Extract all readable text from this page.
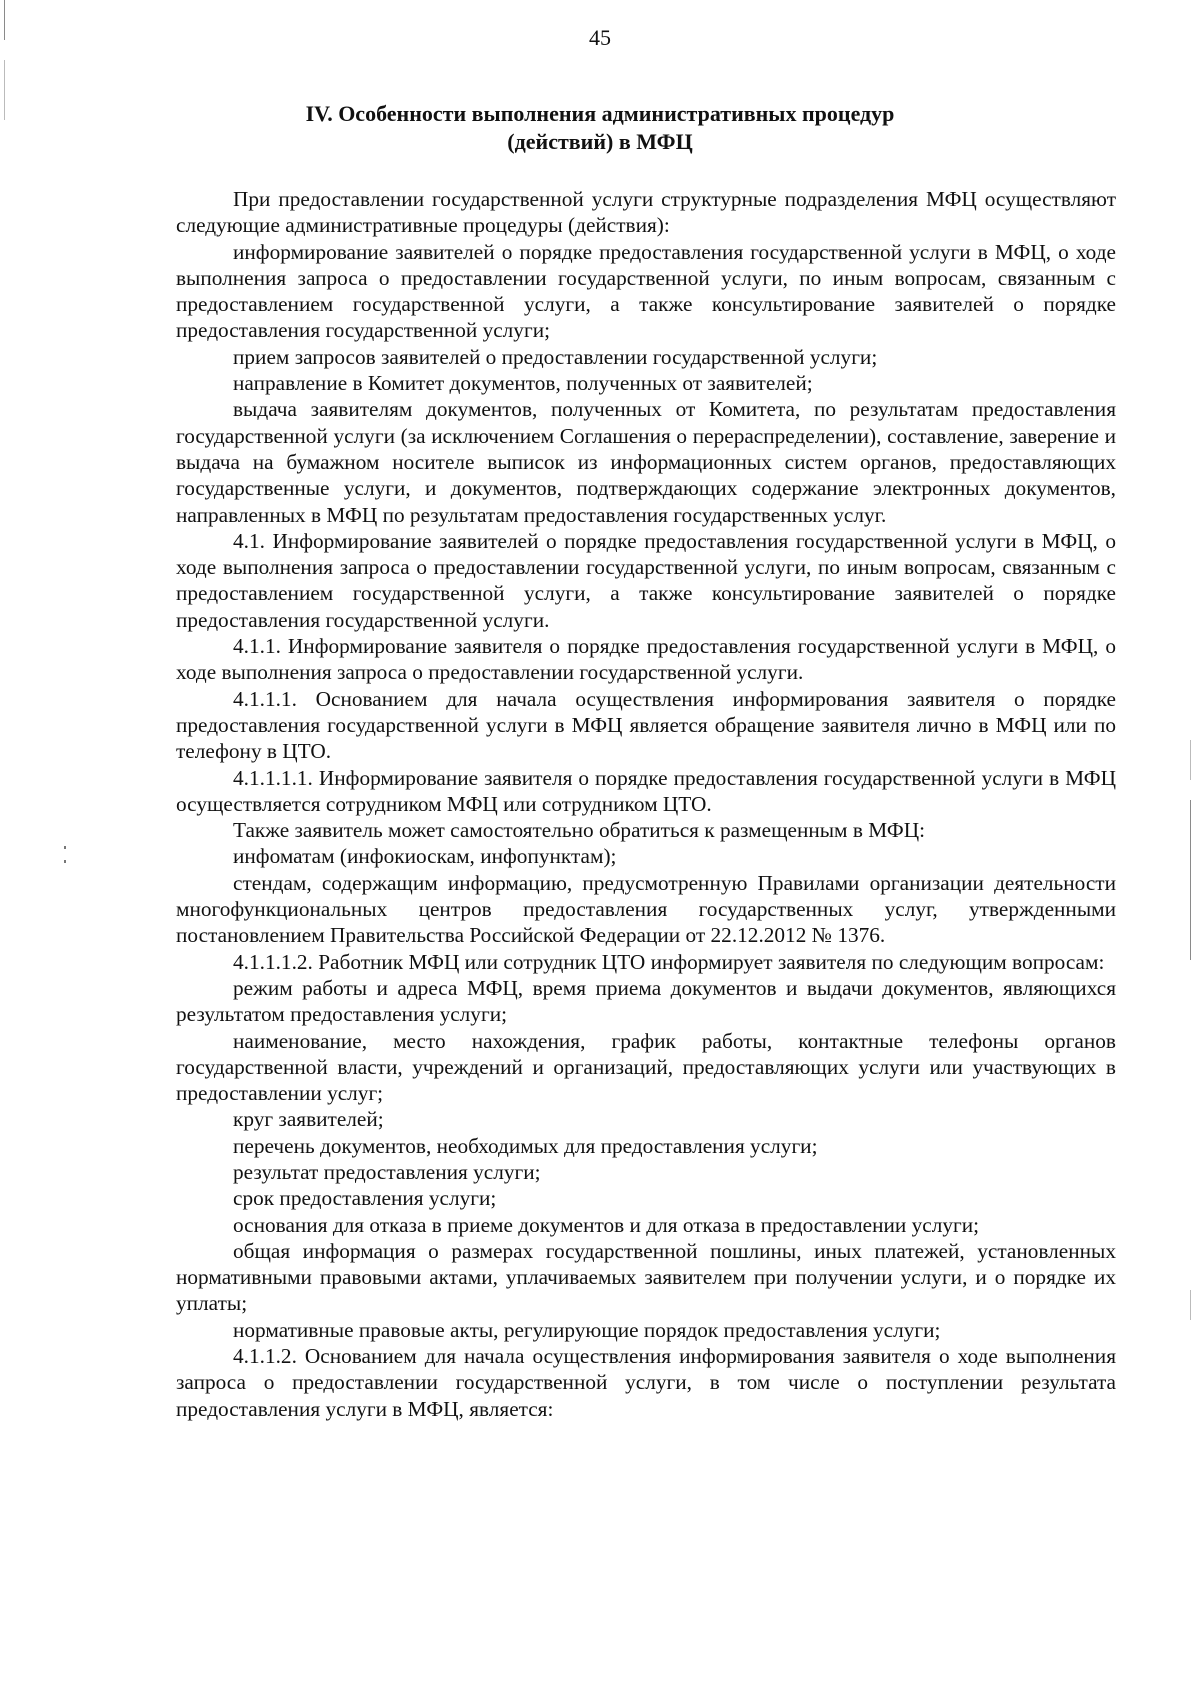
45
IV. Особенности выполнения административных процедур
(действий) в МФЦ

При предоставлении государственной услуги структурные подразделения МФЦ осуществляют следующие административные процедуры (действия):

информирование заявителей о порядке предоставления государственной услуги в МФЦ, о ходе выполнения запроса о предоставлении государственной услуги, по иным вопросам, связанным с предоставлением государственной услуги, а также консультирование заявителей о порядке предоставления государственной услуги;

прием запросов заявителей о предоставлении государственной услуги;

направление в Комитет документов, полученных от заявителей;

выдача заявителям документов, полученных от Комитета, по результатам предоставления государственной услуги (за исключением Соглашения о перераспределении), составление, заверение и выдача на бумажном носителе выписок из информационных систем органов, предоставляющих государственные услуги, и документов, подтверждающих содержание электронных документов, направленных в МФЦ по результатам предоставления государственных услуг.

4.1. Информирование заявителей о порядке предоставления государственной услуги в МФЦ, о ходе выполнения запроса о предоставлении государственной услуги, по иным вопросам, связанным с предоставлением государственной услуги, а также консультирование заявителей о порядке предоставления государственной услуги.

4.1.1. Информирование заявителя о порядке предоставления государственной услуги в МФЦ, о ходе выполнения запроса о предоставлении государственной услуги.

4.1.1.1. Основанием для начала осуществления информирования заявителя о порядке предоставления государственной услуги в МФЦ является обращение заявителя лично в МФЦ или по телефону в ЦТО.

4.1.1.1.1. Информирование заявителя о порядке предоставления государственной услуги в МФЦ осуществляется сотрудником МФЦ или сотрудником ЦТО.

Также заявитель может самостоятельно обратиться к размещенным в МФЦ:

инфоматам (инфокиоскам, инфопунктам);

стендам, содержащим информацию, предусмотренную Правилами организации деятельности многофункциональных центров предоставления государственных услуг, утвержденными постановлением Правительства Российской Федерации от 22.12.2012 № 1376.

4.1.1.1.2. Работник МФЦ или сотрудник ЦТО информирует заявителя по следующим вопросам:

режим работы и адреса МФЦ, время приема документов и выдачи документов, являющихся результатом предоставления услуги;

наименование, место нахождения, график работы, контактные телефоны органов государственной власти, учреждений и организаций, предоставляющих услуги или участвующих в предоставлении услуг;

круг заявителей;

перечень документов, необходимых для предоставления услуги;

результат предоставления услуги;

срок предоставления услуги;

основания для отказа в приеме документов и для отказа в предоставлении услуги;

общая информация о размерах государственной пошлины, иных платежей, установленных нормативными правовыми актами, уплачиваемых заявителем при получении услуги, и о порядке их уплаты;

нормативные правовые акты, регулирующие порядок предоставления услуги;

4.1.1.2. Основанием для начала осуществления информирования заявителя о ходе выполнения запроса о предоставлении государственной услуги, в том числе о поступлении результата предоставления услуги в МФЦ, является:
